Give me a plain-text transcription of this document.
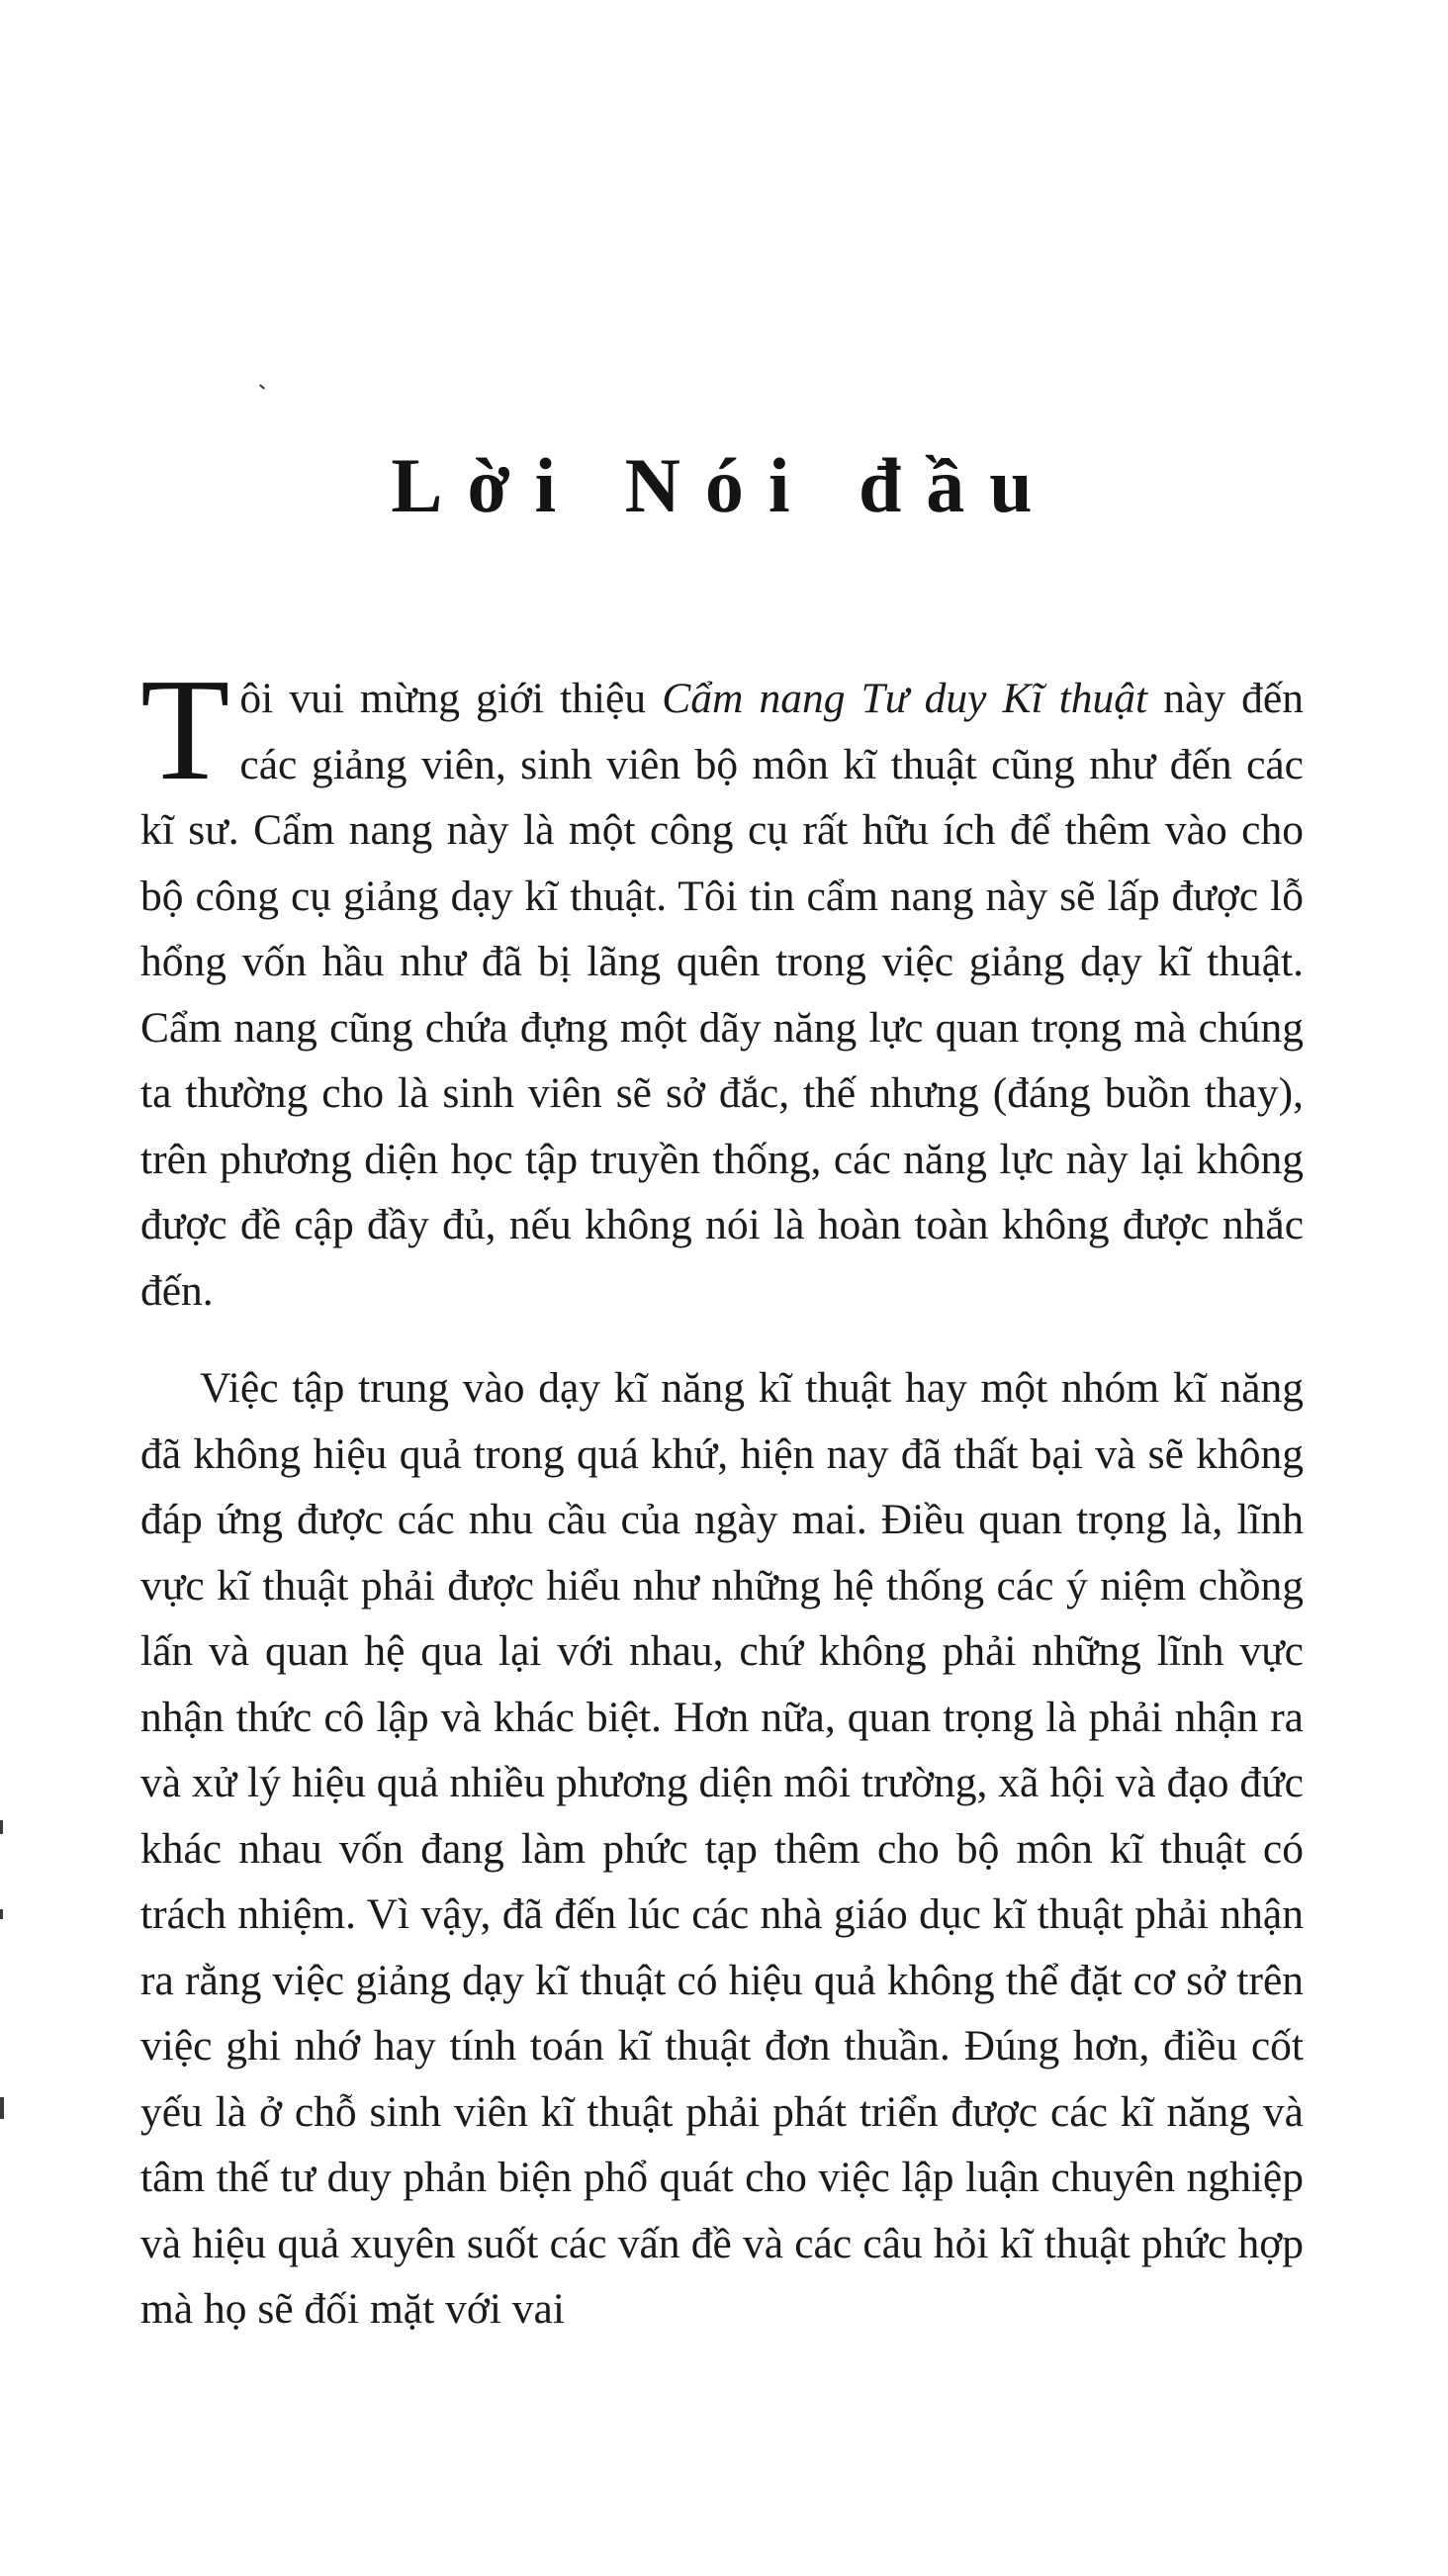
Lời Nói đầu

Tôi vui mừng giới thiệu Cẩm nang Tư duy Kĩ thuật này đến các giảng viên, sinh viên bộ môn kĩ thuật cũng như đến các kĩ sư. Cẩm nang này là một công cụ rất hữu ích để thêm vào cho bộ công cụ giảng dạy kĩ thuật. Tôi tin cẩm nang này sẽ lấp được lỗ hổng vốn hầu như đã bị lãng quên trong việc giảng dạy kĩ thuật. Cẩm nang cũng chứa đựng một dãy năng lực quan trọng mà chúng ta thường cho là sinh viên sẽ sở đắc, thế nhưng (đáng buồn thay), trên phương diện học tập truyền thống, các năng lực này lại không được đề cập đầy đủ, nếu không nói là hoàn toàn không được nhắc đến.

Việc tập trung vào dạy kĩ năng kĩ thuật hay một nhóm kĩ năng đã không hiệu quả trong quá khứ, hiện nay đã thất bại và sẽ không đáp ứng được các nhu cầu của ngày mai. Điều quan trọng là, lĩnh vực kĩ thuật phải được hiểu như những hệ thống các ý niệm chồng lấn và quan hệ qua lại với nhau, chứ không phải những lĩnh vực nhận thức cô lập và khác biệt. Hơn nữa, quan trọng là phải nhận ra và xử lý hiệu quả nhiều phương diện môi trường, xã hội và đạo đức khác nhau vốn đang làm phức tạp thêm cho bộ môn kĩ thuật có trách nhiệm. Vì vậy, đã đến lúc các nhà giáo dục kĩ thuật phải nhận ra rằng việc giảng dạy kĩ thuật có hiệu quả không thể đặt cơ sở trên việc ghi nhớ hay tính toán kĩ thuật đơn thuần. Đúng hơn, điều cốt yếu là ở chỗ sinh viên kĩ thuật phải phát triển được các kĩ năng và tâm thế tư duy phản biện phổ quát cho việc lập luận chuyên nghiệp và hiệu quả xuyên suốt các vấn đề và các câu hỏi kĩ thuật phức hợp mà họ sẽ đối mặt với vai
